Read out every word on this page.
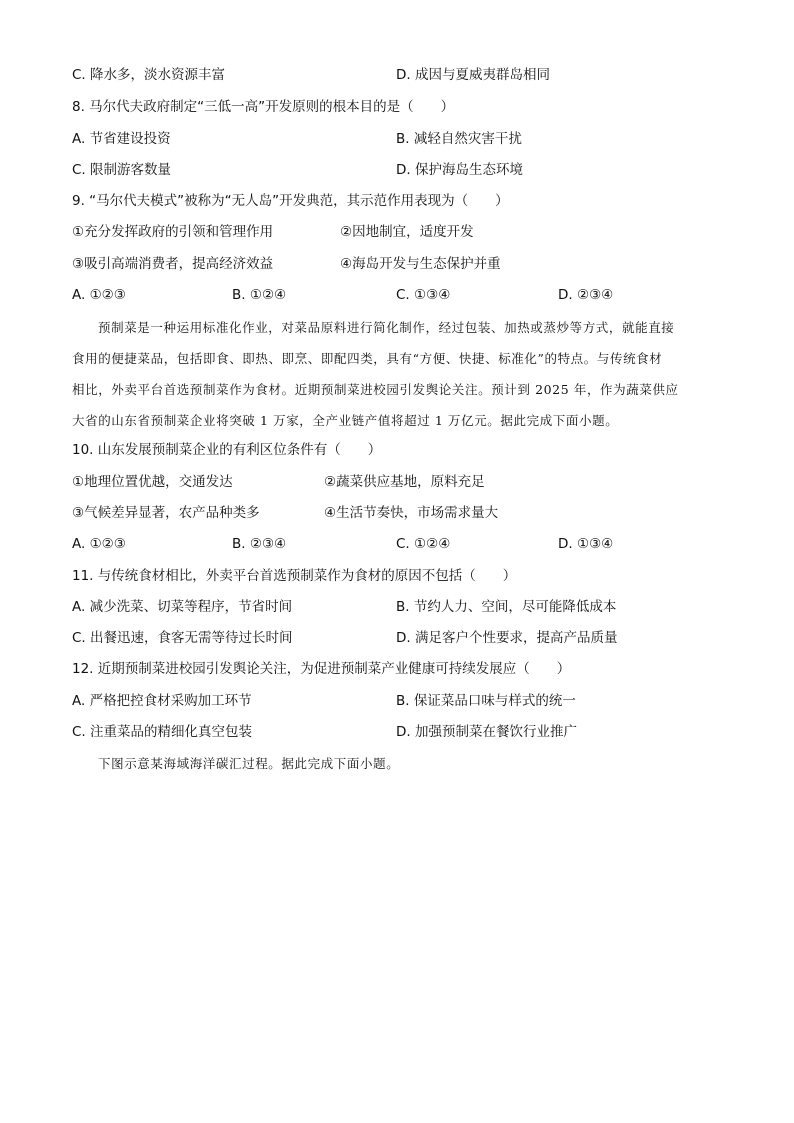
C. 降水多，淡水资源丰富	D. 成因与夏威夷群岛相同
8. 马尔代夫政府制定“三低一高”开发原则的根本目的是（　　）
A. 节省建设投资	B. 减轻自然灾害干扰
C. 限制游客数量	D. 保护海岛生态环境
9. “马尔代夫模式”被称为“无人岛”开发典范，其示范作用表现为（　　）
①充分发挥政府的引领和管理作用	②因地制宜，适度开发
③吸引高端消费者，提高经济效益	④海岛开发与生态保护并重
A. ①②③	B. ①②④	C. ①③④	D. ②③④

预制菜是一种运用标准化作业，对菜品原料进行简化制作，经过包装、加热或蒸炒等方式，就能直接

食用的便捷菜品，包括即食、即热、即烹、即配四类，具有“方便、快捷、标准化”的特点。与传统食材

相比，外卖平台首选预制菜作为食材。近期预制菜进校园引发舆论关注。预计到 2025 年，作为蔬菜供应

大省的山东省预制菜企业将突破 1 万家，全产业链产值将超过 1 万亿元。据此完成下面小题。

10. 山东发展预制菜企业的有利区位条件有（　　）
①地理位置优越，交通发达	②蔬菜供应基地，原料充足
③气候差异显著，农产品种类多	④生活节奏快，市场需求量大
A. ①②③	B. ②③④	C. ①②④	D. ①③④
11. 与传统食材相比，外卖平台首选预制菜作为食材的原因不包括（　　）
A. 减少洗菜、切菜等程序，节省时间	B. 节约人力、空间，尽可能降低成本
C. 出餐迅速，食客无需等待过长时间	D. 满足客户个性要求，提高产品质量
12. 近期预制菜进校园引发舆论关注，为促进预制菜产业健康可持续发展应（　　）
A. 严格把控食材采购加工环节	B. 保证菜品口味与样式的统一
C. 注重菜品的精细化真空包装	D. 加强预制菜在餐饮行业推广
下图示意某海域海洋碳汇过程。据此完成下面小题。
